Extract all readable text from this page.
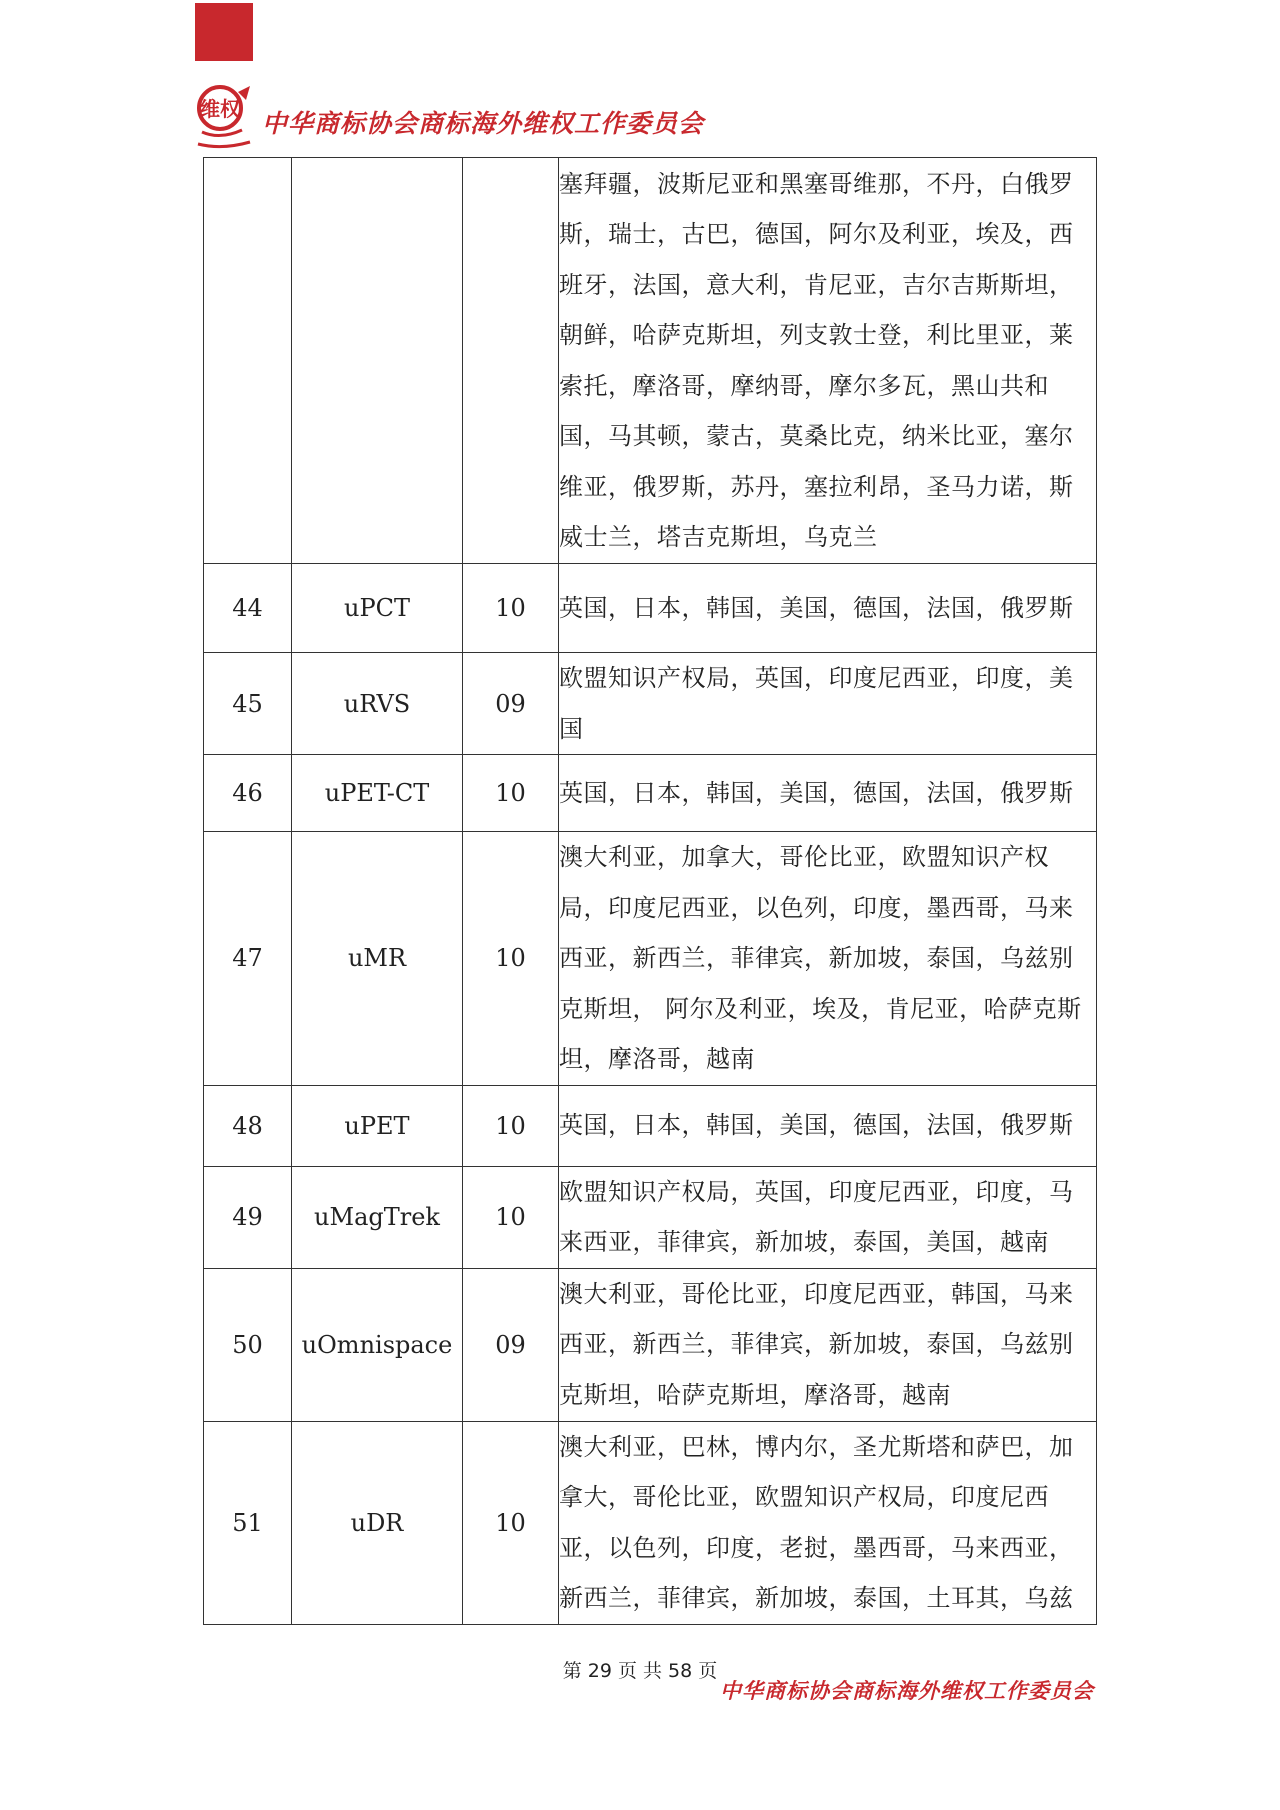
维权 中华商标协会商标海外维权工作委员会
			塞拜疆，波斯尼亚和黑塞哥维那，不丹，白俄罗斯，瑞士，古巴，德国，阿尔及利亚，埃及，西班牙，法国，意大利，肯尼亚，吉尔吉斯斯坦， 朝鲜，哈萨克斯坦，列支敦士登，利比里亚，莱索托，摩洛哥，摩纳哥，摩尔多瓦，黑山共和国，马其顿，蒙古，莫桑比克，纳米比亚，塞尔维亚，俄罗斯，苏丹，塞拉利昂，圣马力诺，斯威士兰，塔吉克斯坦，乌克兰
44	uPCT	10	英国，日本，韩国，美国，德国，法国，俄罗斯
45	uRVS	09	欧盟知识产权局，英国，印度尼西亚，印度，美国
46	uPET-CT	10	英国，日本，韩国，美国，德国，法国，俄罗斯
47	uMR	10	澳大利亚，加拿大，哥伦比亚，欧盟知识产权局，印度尼西亚，以色列，印度，墨西哥，马来西亚，新西兰，菲律宾，新加坡，泰国，乌兹别克斯坦， 阿尔及利亚，埃及，肯尼亚，哈萨克斯坦，摩洛哥，越南
48	uPET	10	英国，日本，韩国，美国，德国，法国，俄罗斯
49	uMagTrek	10	欧盟知识产权局，英国，印度尼西亚，印度，马来西亚，菲律宾，新加坡，泰国，美国，越南
50	uOmnispace	09	澳大利亚，哥伦比亚，印度尼西亚，韩国，马来西亚，新西兰，菲律宾，新加坡，泰国，乌兹别克斯坦，哈萨克斯坦，摩洛哥，越南
51	uDR	10	澳大利亚，巴林，博内尔，圣尤斯塔和萨巴，加拿大，哥伦比亚，欧盟知识产权局，印度尼西亚，以色列，印度，老挝，墨西哥，马来西亚，新西兰，菲律宾，新加坡，泰国，土耳其，乌兹
第 29 页 共 58 页
中华商标协会商标海外维权工作委员会
